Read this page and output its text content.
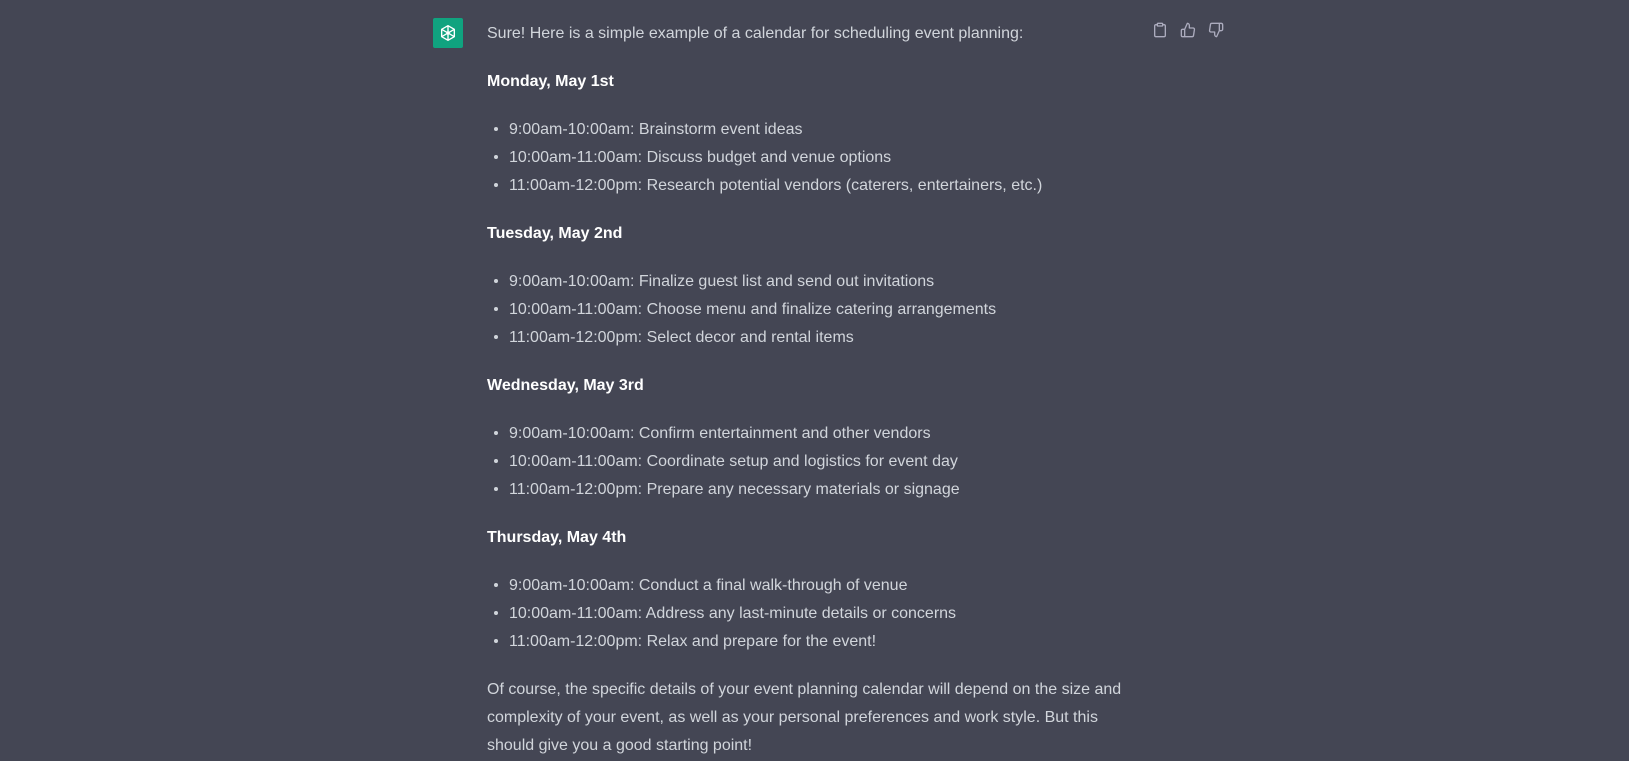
Sure! Here is a simple example of a calendar for scheduling event planning:

Monday, May 1st

9:00am-10:00am: Brainstorm event ideas
10:00am-11:00am: Discuss budget and venue options
11:00am-12:00pm: Research potential vendors (caterers, entertainers, etc.)

Tuesday, May 2nd

9:00am-10:00am: Finalize guest list and send out invitations
10:00am-11:00am: Choose menu and finalize catering arrangements
11:00am-12:00pm: Select decor and rental items

Wednesday, May 3rd

9:00am-10:00am: Confirm entertainment and other vendors
10:00am-11:00am: Coordinate setup and logistics for event day
11:00am-12:00pm: Prepare any necessary materials or signage

Thursday, May 4th

9:00am-10:00am: Conduct a final walk-through of venue
10:00am-11:00am: Address any last-minute details or concerns
11:00am-12:00pm: Relax and prepare for the event!

Of course, the specific details of your event planning calendar will depend on the size and complexity of your event, as well as your personal preferences and work style. But this should give you a good starting point!
